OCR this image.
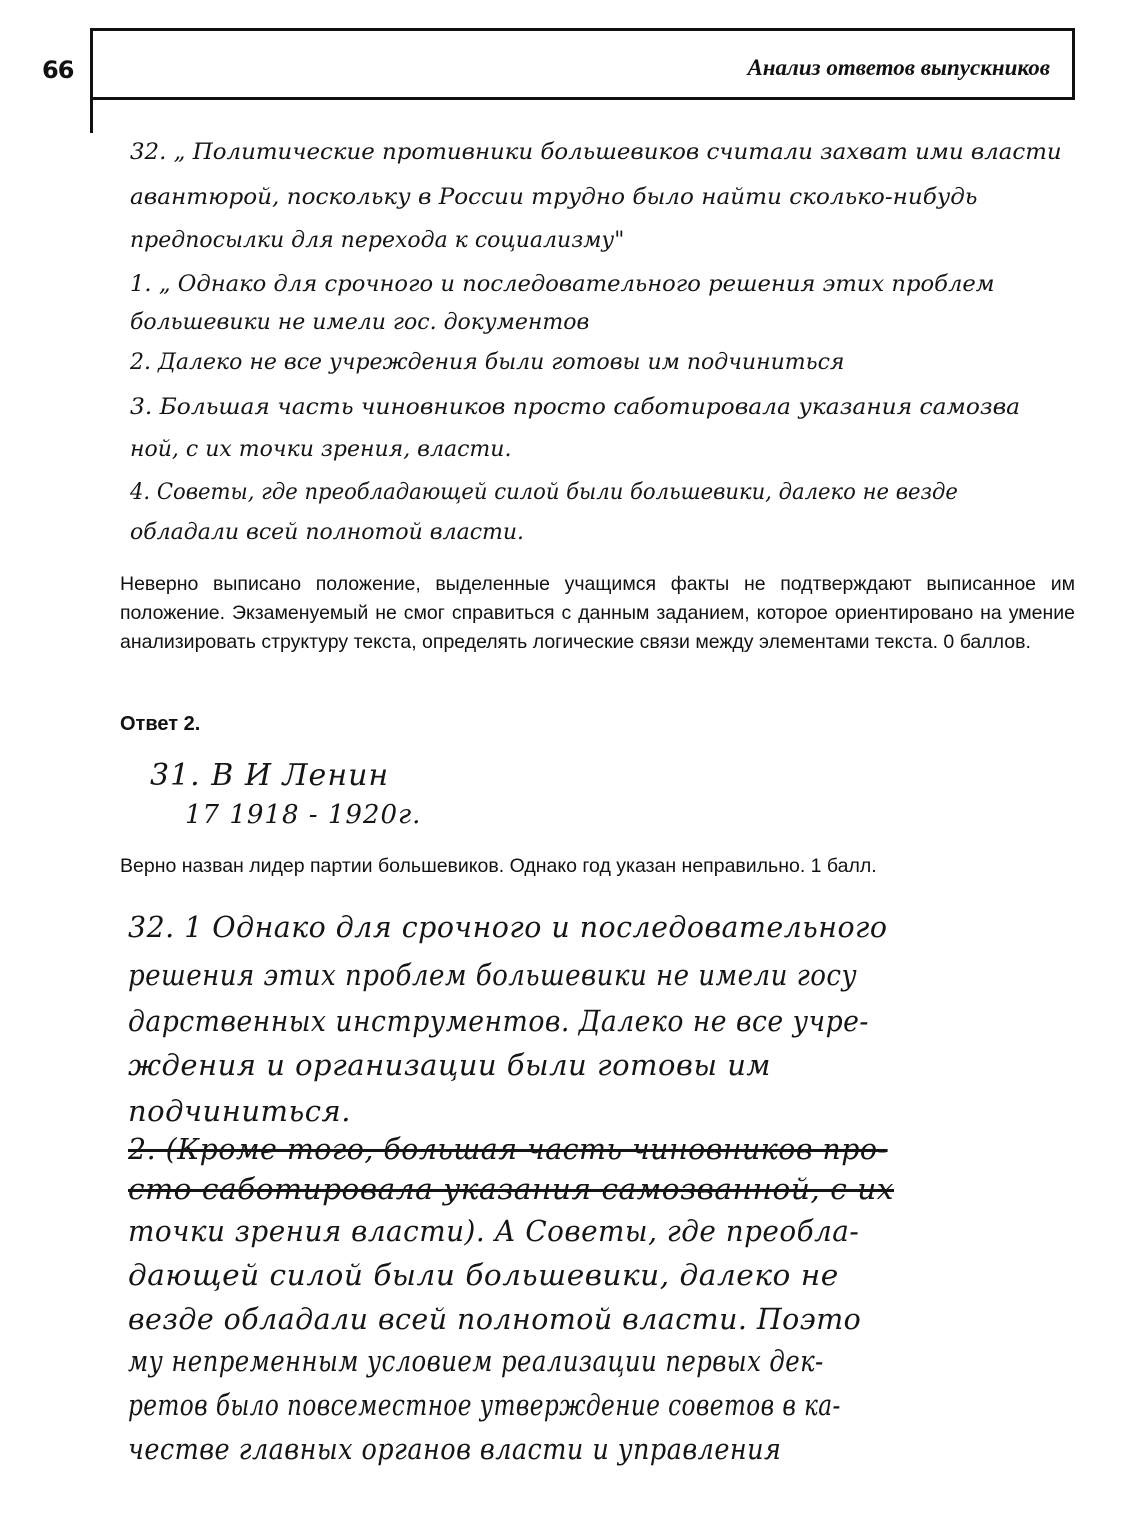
66	Анализ ответов выпускников
32. „ Политические противники большевиков считали захват ими власти
авантюрой, поскольку в России трудно было найти сколько-нибудь
предпосылки для перехода к социализму"
1. „ Однако для срочного и последовательного решения этих проблем
большевики не имели гос. документов
2. Далеко не все учреждения были готовы им подчиниться
3. Большая часть чиновников просто саботировала указания самозва
ной, с их точки зрения, власти.
4. Советы, где преобладающей силой были большевики, далеко не везде
обладали всей полнотой власти.
Неверно выписано положение, выделенные учащимся факты не подтверждают выписанное им положение. Экзаменуемый не смог справиться с данным заданием, которое ориентировано на умение анализировать структуру текста, определять логические связи между элементами текста. 0 баллов.
Ответ 2.
31. В И Ленин
17 1918 - 1920г.
Верно назван лидер партии большевиков. Однако год указан неправильно. 1 балл.
32. 1 Однако для срочного и последовательного
решения этих проблем большевики не имели госу
дарственных инструментов. Далеко не все учре-
ждения и организации были готовы им
подчиниться.
2. (Кроме того, большая часть чиновников про-
сто саботировала указания самозванной, с их
точки зрения власти). А Советы, где преобла-
дающей силой были большевики, далеко не
везде обладали всей полнотой власти. Поэто
му непременным условием реализации первых дек-
ретов было повсеместное утверждение советов в ка-
честве главных органов власти и управления
